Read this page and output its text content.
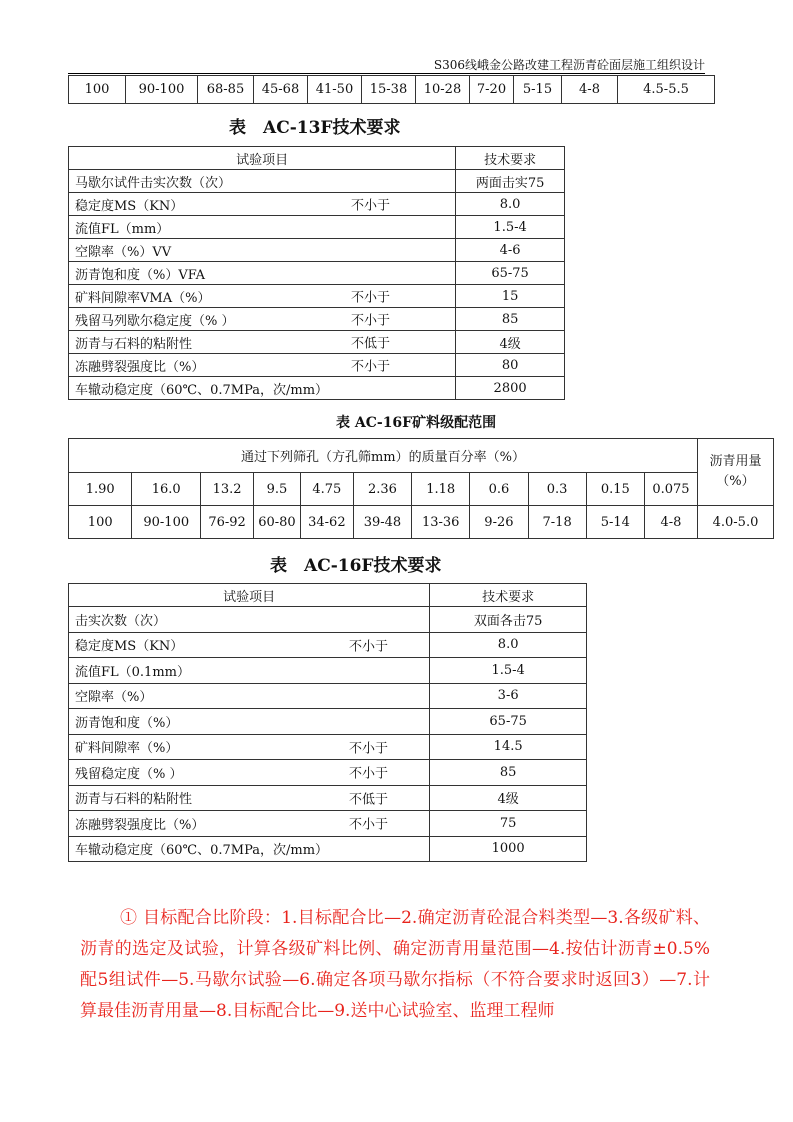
S306线峨金公路改建工程沥青砼面层施工组织设计
100	90-100	68-85	45-68	41-50	15-38	10-28	7-20	5-15	4-8	4.5-5.5
表　AC-13F技术要求
试验项目	技术要求
马歇尔试件击实次数（次）	两面击实75
稳定度MS（KN） 不小于	8.0
流值FL（mm）	1.5-4
空隙率（%）VV	4-6
沥青饱和度（%）VFA	65-75
矿料间隙率VMA（%） 不小于	15
残留马列歇尔稳定度（% ） 不小于	85
沥青与石料的粘附性 不低于	4级
冻融劈裂强度比（%） 不小于	80
车辙动稳定度（60℃、0.7MPa，次/mm）	2800
表 AC-16F矿料级配范围
通过下列筛孔（方孔筛mm）的质量百分率（%）											沥青用量
（%）
1.90	16.0	13.2	9.5	4.75	2.36	1.18	0.6	0.3	0.15	0.075	
100	90-100	76-92	60-80	34-62	39-48	13-36	9-26	7-18	5-14	4-8	4.0-5.0
表　AC-16F技术要求
试验项目	技术要求
击实次数（次）	双面各击75
稳定度MS（KN） 不小于	8.0
流值FL（0.1mm）	1.5-4
空隙率（%）	3-6
沥青饱和度（%）	65-75
矿料间隙率（%） 不小于	14.5
残留稳定度（% ） 不小于	85
沥青与石料的粘附性 不低于	4级
冻融劈裂强度比（%） 不小于	75
车辙动稳定度（60℃、0.7MPa，次/mm）	1000
① 目标配合比阶段：1.目标配合比—2.确定沥青砼混合料类型—3.各级矿料、沥青的选定及试验，计算各级矿料比例、确定沥青用量范围—4.按估计沥青±0.5%配5组试件—5.马歇尔试验—6.确定各项马歇尔指标（不符合要求时返回3）—7.计算最佳沥青用量—8.目标配合比—9.送中心试验室、监理工程师
